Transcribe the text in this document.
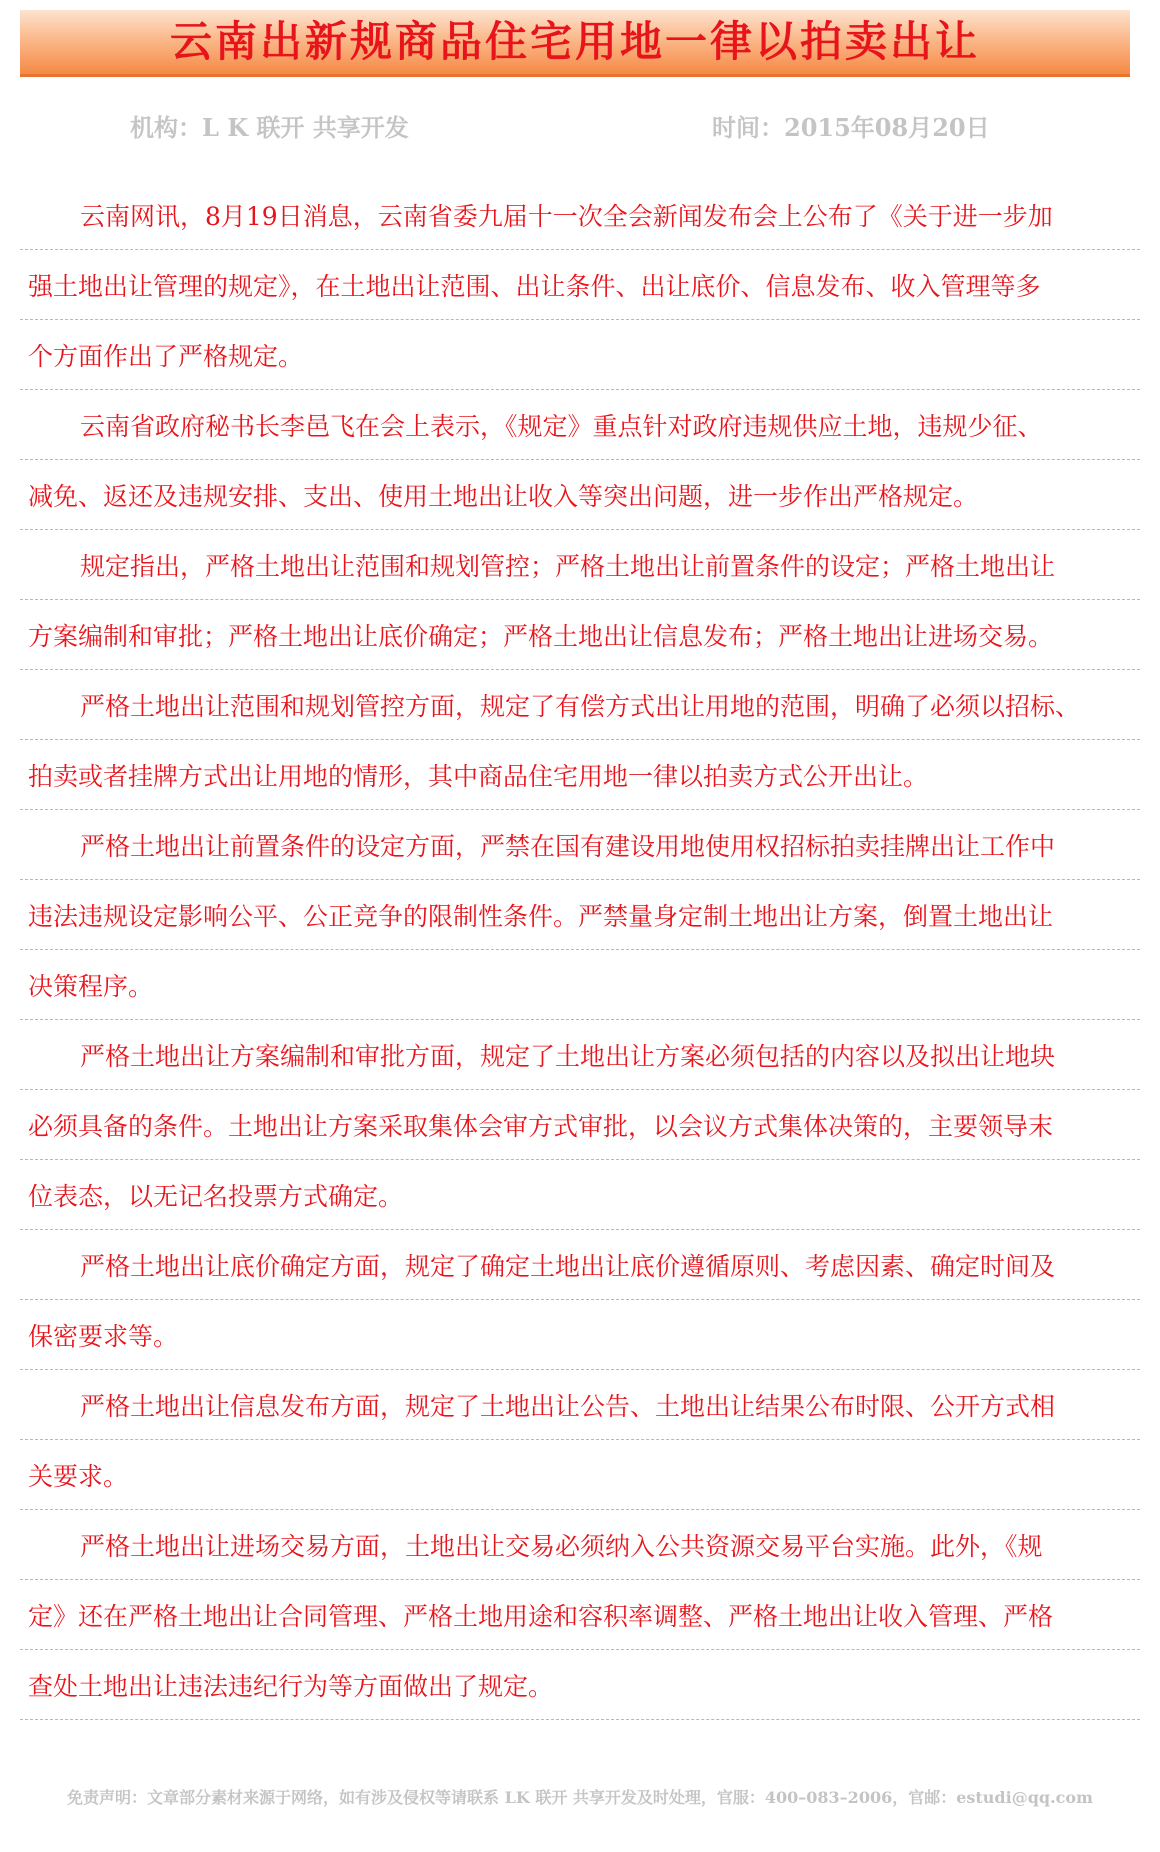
云南出新规商品住宅用地一律以拍卖出让
机构：L K 联开 共享开发	时间：2015年08月20日
云南网讯，8月19日消息，云南省委九届十一次全会新闻发布会上公布了《关于进一步加
强土地出让管理的规定》，在土地出让范围、出让条件、出让底价、信息发布、收入管理等多
个方面作出了严格规定。
云南省政府秘书长李邑飞在会上表示，《规定》重点针对政府违规供应土地，违规少征、
减免、返还及违规安排、支出、使用土地出让收入等突出问题，进一步作出严格规定。
规定指出，严格土地出让范围和规划管控；严格土地出让前置条件的设定；严格土地出让
方案编制和审批；严格土地出让底价确定；严格土地出让信息发布；严格土地出让进场交易。
严格土地出让范围和规划管控方面，规定了有偿方式出让用地的范围，明确了必须以招标、
拍卖或者挂牌方式出让用地的情形，其中商品住宅用地一律以拍卖方式公开出让。
严格土地出让前置条件的设定方面，严禁在国有建设用地使用权招标拍卖挂牌出让工作中
违法违规设定影响公平、公正竞争的限制性条件。严禁量身定制土地出让方案，倒置土地出让
决策程序。
严格土地出让方案编制和审批方面，规定了土地出让方案必须包括的内容以及拟出让地块
必须具备的条件。土地出让方案采取集体会审方式审批，以会议方式集体决策的，主要领导末
位表态，以无记名投票方式确定。
严格土地出让底价确定方面，规定了确定土地出让底价遵循原则、考虑因素、确定时间及
保密要求等。
严格土地出让信息发布方面，规定了土地出让公告、土地出让结果公布时限、公开方式相
关要求。
严格土地出让进场交易方面，土地出让交易必须纳入公共资源交易平台实施。此外，《规
定》还在严格土地出让合同管理、严格土地用途和容积率调整、严格土地出让收入管理、严格
查处土地出让违法违纪行为等方面做出了规定。
免责声明：文章部分素材来源于网络，如有涉及侵权等请联系 LK 联开 共享开发及时处理，官服：400–083–2006，官邮：estudi@qq.com
